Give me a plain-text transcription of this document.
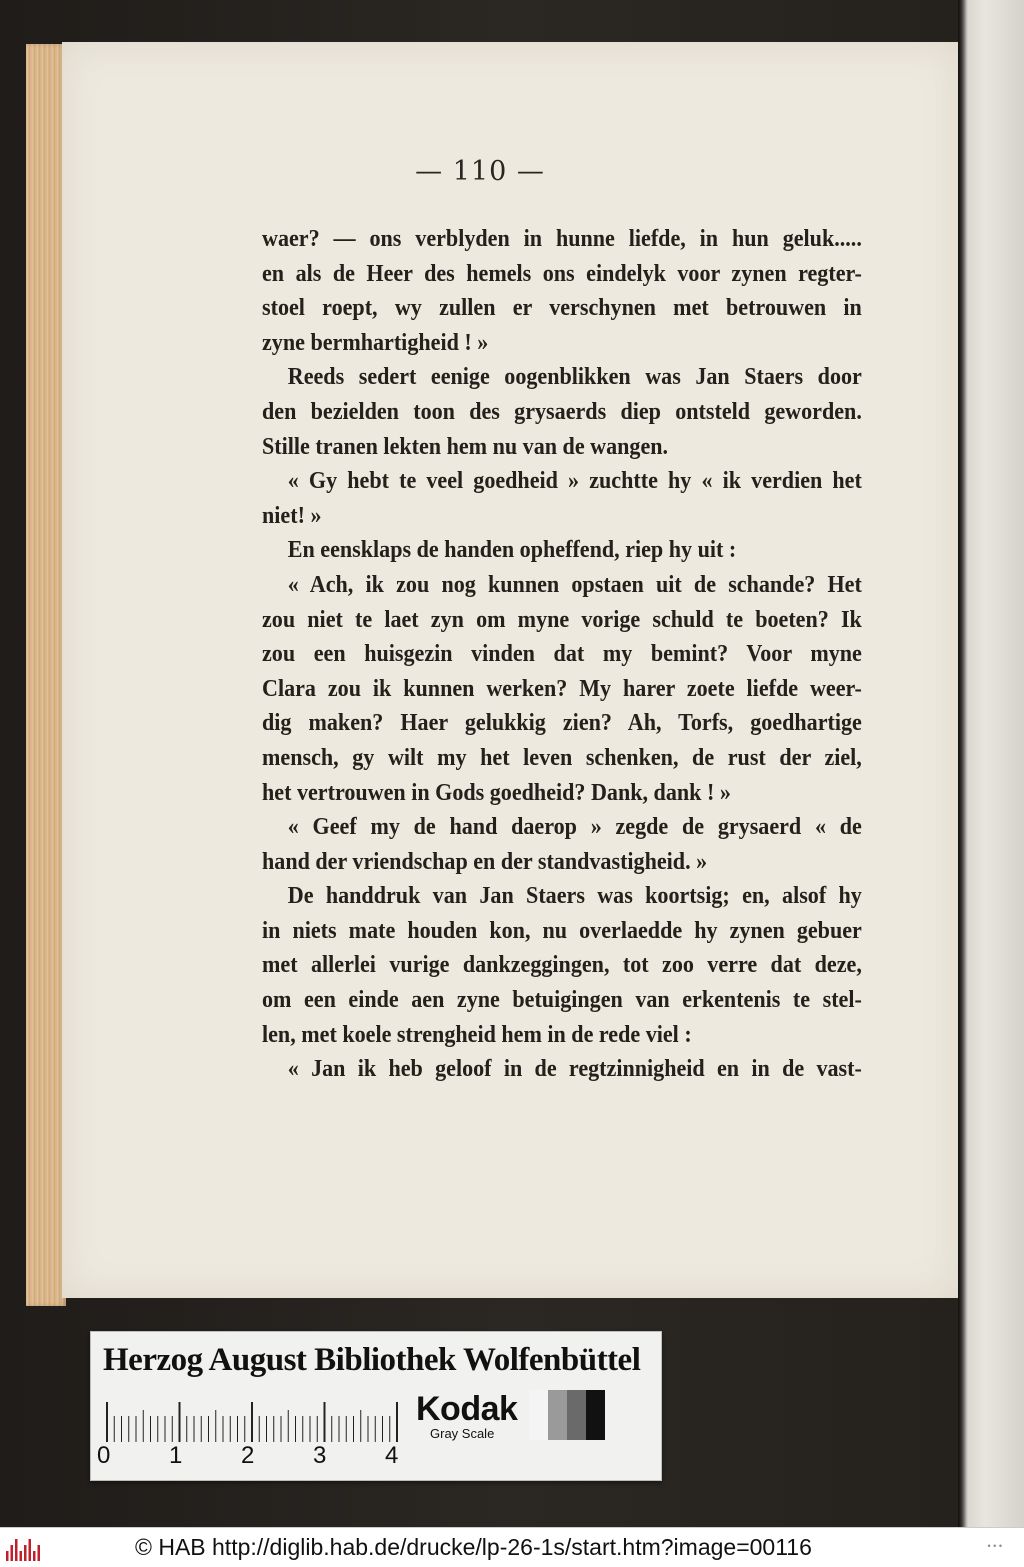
— 110 —
waer? — ons verblyden in hunne liefde, in hun geluk.....
en als de Heer des hemels ons eindelyk voor zynen regter-
stoel roept, wy zullen er verschynen met betrouwen in
zyne bermhartigheid ! »
Reeds sedert eenige oogenblikken was Jan Staers door
den bezielden toon des grysaerds diep ontsteld geworden.
Stille tranen lekten hem nu van de wangen.
« Gy hebt te veel goedheid » zuchtte hy « ik verdien het
niet! »
En eensklaps de handen opheffend, riep hy uit :
« Ach, ik zou nog kunnen opstaen uit de schande? Het
zou niet te laet zyn om myne vorige schuld te boeten? Ik
zou een huisgezin vinden dat my bemint? Voor myne
Clara zou ik kunnen werken? My harer zoete liefde weer-
dig maken? Haer gelukkig zien? Ah, Torfs, goedhartige
mensch, gy wilt my het leven schenken, de rust der ziel,
het vertrouwen in Gods goedheid? Dank, dank ! »
« Geef my de hand daerop » zegde de grysaerd « de
hand der vriendschap en der standvastigheid. »
De handdruk van Jan Staers was koortsig; en, alsof hy
in niets mate houden kon, nu overlaedde hy zynen gebuer
met allerlei vurige dankzeggingen, tot zoo verre dat deze,
om een einde aen zyne betuigingen van erkentenis te stel-
len, met koele strengheid hem in de rede viel :
« Jan ik heb geloof in de regtzinnigheid en in de vast-
Herzog August Bibliothek Wolfenbüttel
0 1 2 3 4
Kodak
Gray Scale
© HAB http://diglib.hab.de/drucke/lp-26-1s/start.htm?image=00116	• • •
